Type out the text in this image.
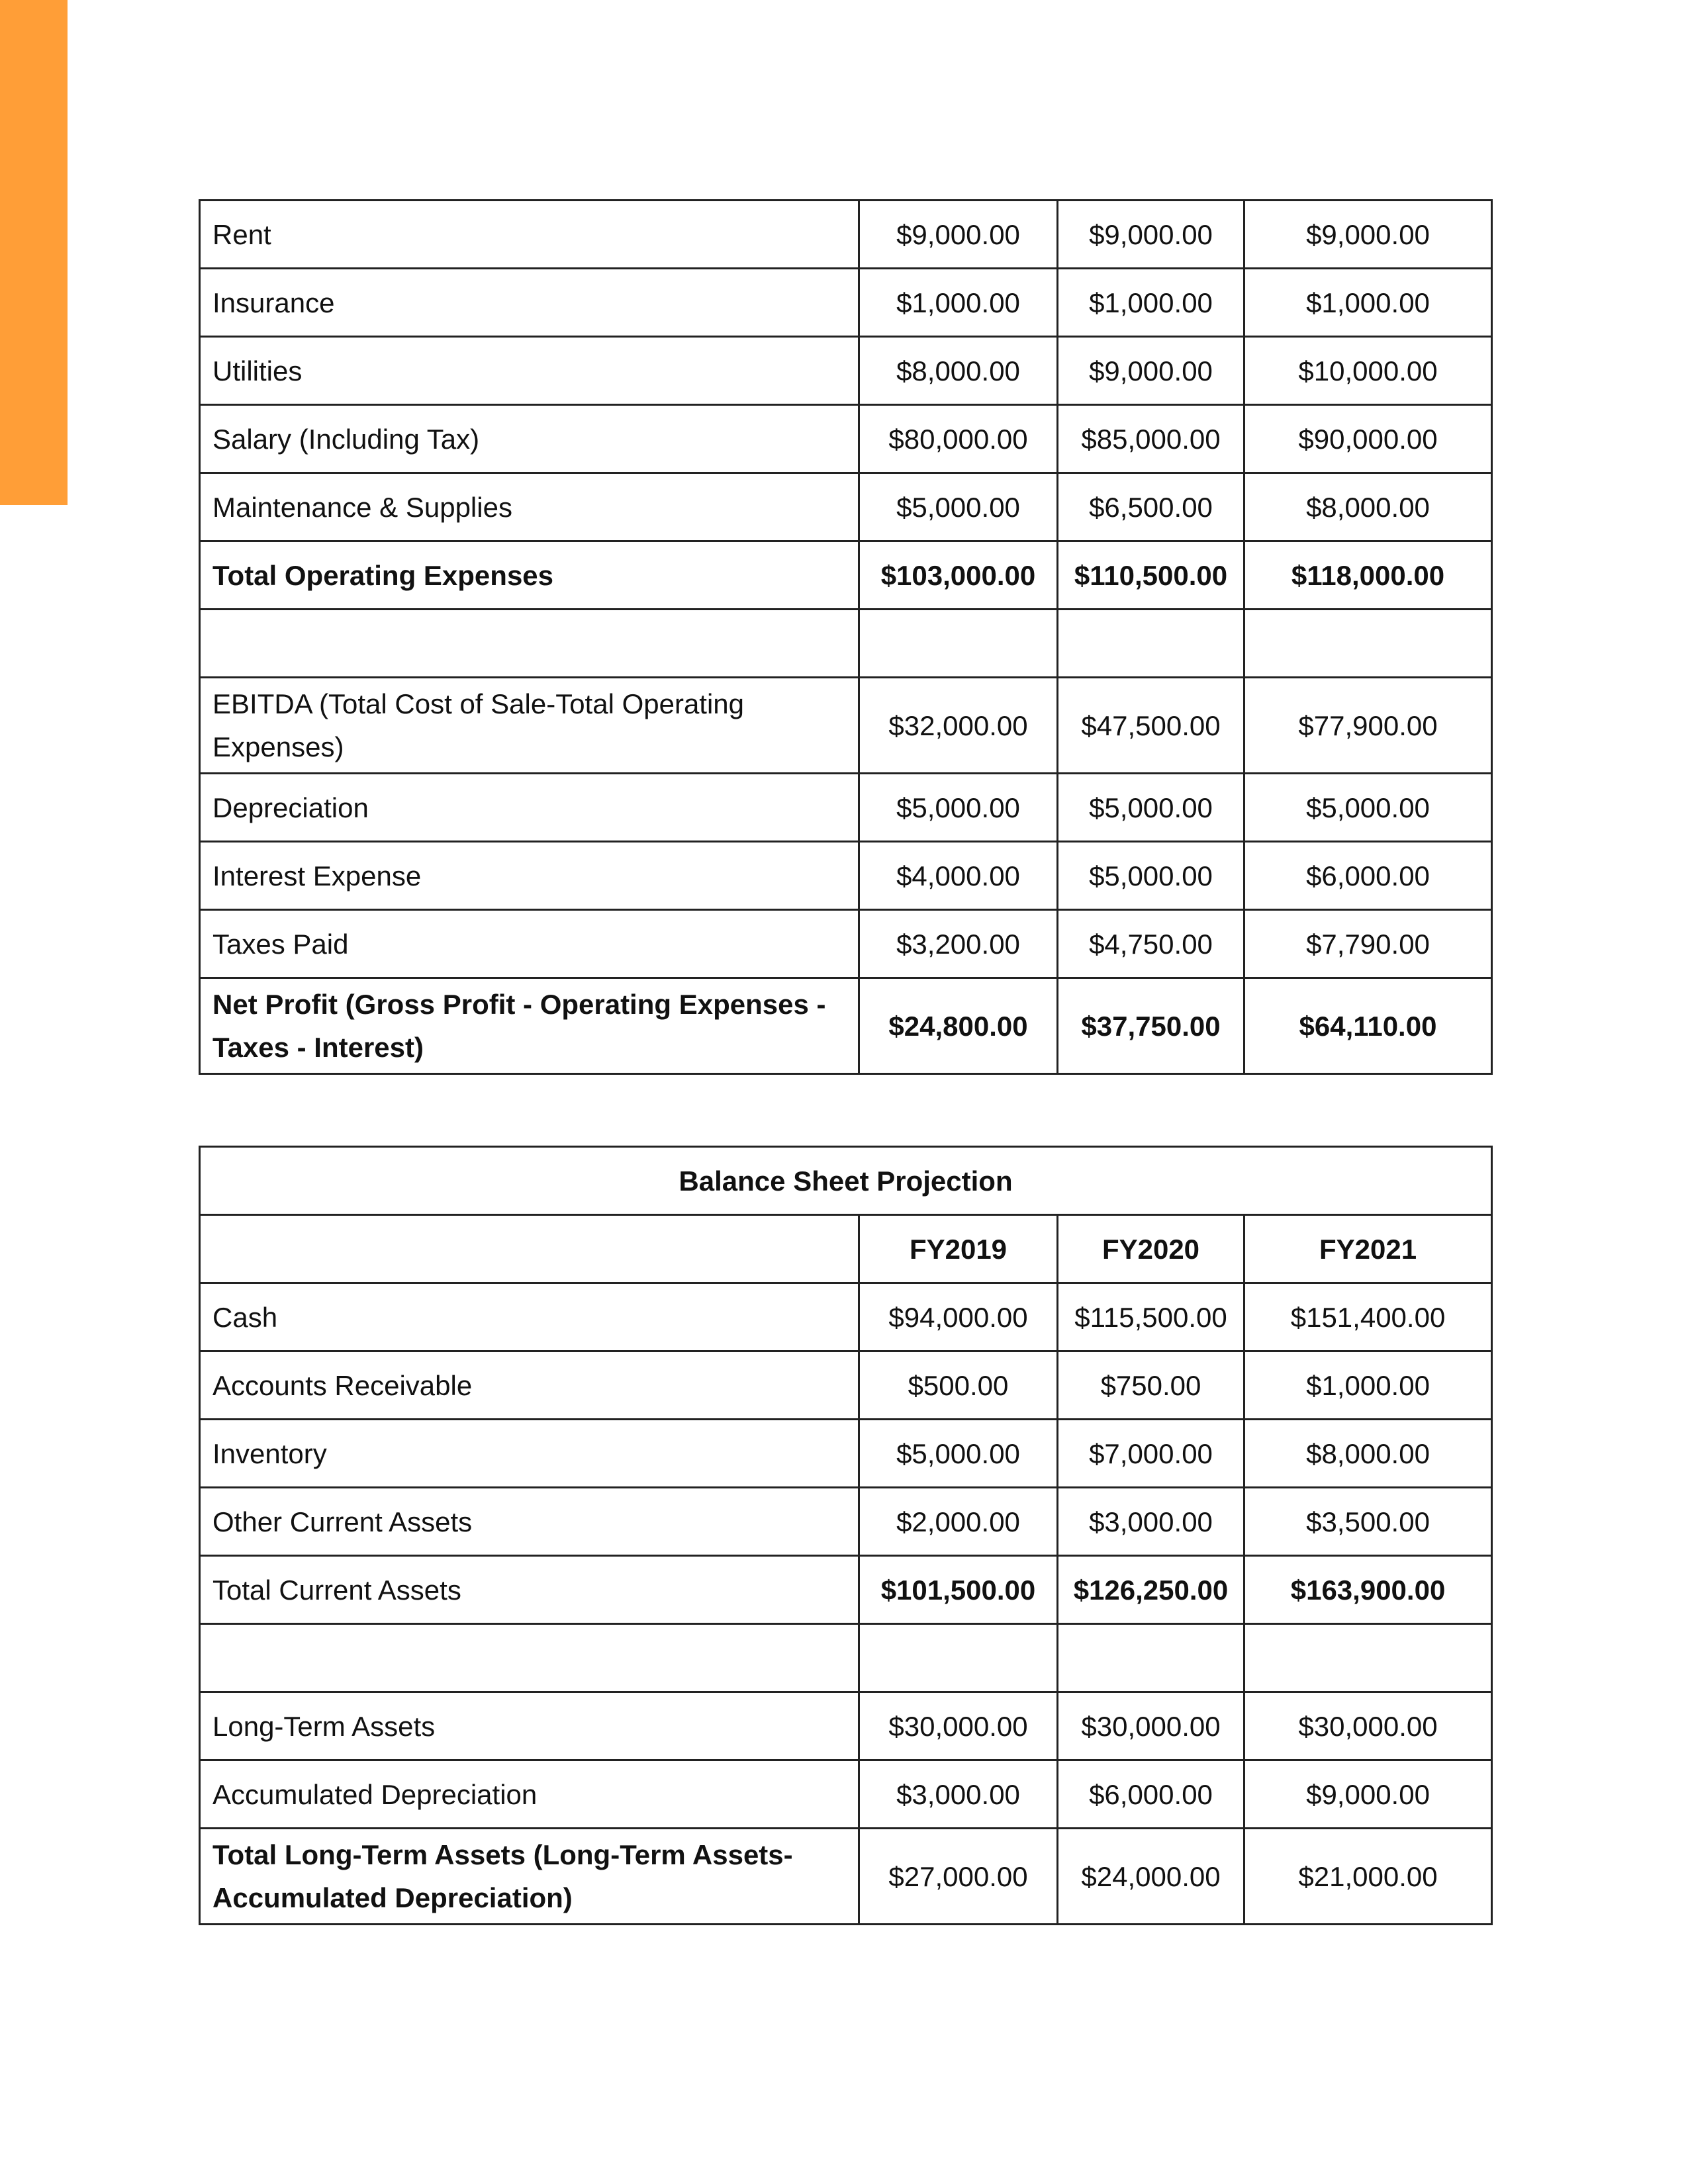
Rent	$9,000.00	$9,000.00	$9,000.00
Insurance	$1,000.00	$1,000.00	$1,000.00
Utilities	$8,000.00	$9,000.00	$10,000.00
Salary (Including Tax)	$80,000.00	$85,000.00	$90,000.00
Maintenance & Supplies	$5,000.00	$6,500.00	$8,000.00
Total Operating Expenses	$103,000.00	$110,500.00	$118,000.00

EBITDA (Total Cost of Sale-Total Operating Expenses)	$32,000.00	$47,500.00	$77,900.00
Depreciation	$5,000.00	$5,000.00	$5,000.00
Interest Expense	$4,000.00	$5,000.00	$6,000.00
Taxes Paid	$3,200.00	$4,750.00	$7,790.00
Net Profit (Gross Profit - Operating Expenses - Taxes - Interest)	$24,800.00	$37,750.00	$64,110.00
Balance Sheet Projection			
	FY2019	FY2020	FY2021
Cash	$94,000.00	$115,500.00	$151,400.00
Accounts Receivable	$500.00	$750.00	$1,000.00
Inventory	$5,000.00	$7,000.00	$8,000.00
Other Current Assets	$2,000.00	$3,000.00	$3,500.00
Total Current Assets	$101,500.00	$126,250.00	$163,900.00

Long-Term Assets	$30,000.00	$30,000.00	$30,000.00
Accumulated Depreciation	$3,000.00	$6,000.00	$9,000.00
Total Long-Term Assets (Long-Term Assets-Accumulated Depreciation)	$27,000.00	$24,000.00	$21,000.00
